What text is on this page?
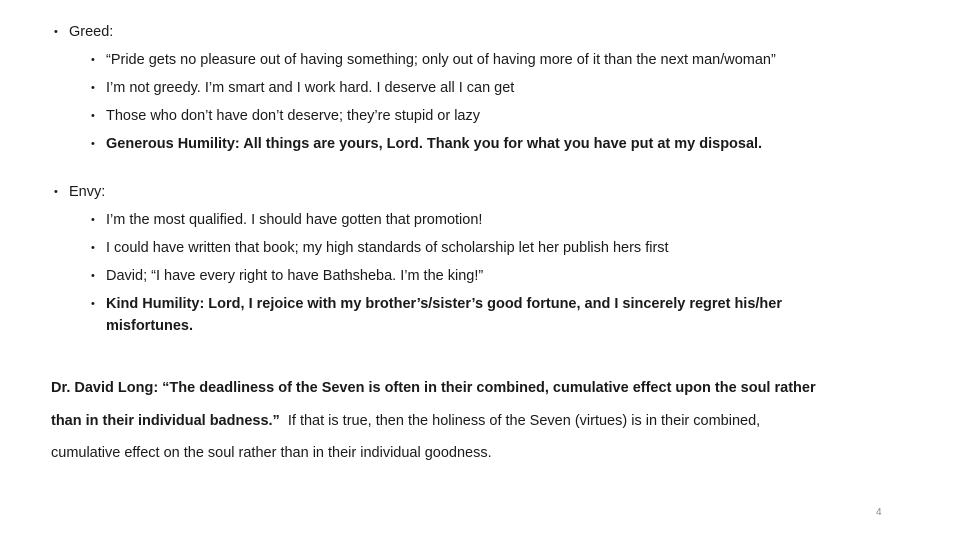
• Greed:
• “Pride gets no pleasure out of having something; only out of having more of it than the next man/woman”
• I’m not greedy. I’m smart and I work hard. I deserve all I can get
• Those who don’t have don’t deserve; they’re stupid or lazy
• Generous Humility: All things are yours, Lord. Thank you for what you have put at my disposal.
• Envy:
• I’m the most qualified. I should have gotten that promotion!
• I could have written that book; my high standards of scholarship let her publish hers first
• David; “I have every right to have Bathsheba. I’m the king!”
• Kind Humility: Lord, I rejoice with my brother’s/sister’s good fortune, and I sincerely regret his/her
misfortunes.
Dr. David Long: “The deadliness of the Seven is often in their combined, cumulative effect upon the soul rather
than in their individual badness.”  If that is true, then the holiness of the Seven (virtues) is in their combined,
cumulative effect on the soul rather than in their individual goodness.
4
